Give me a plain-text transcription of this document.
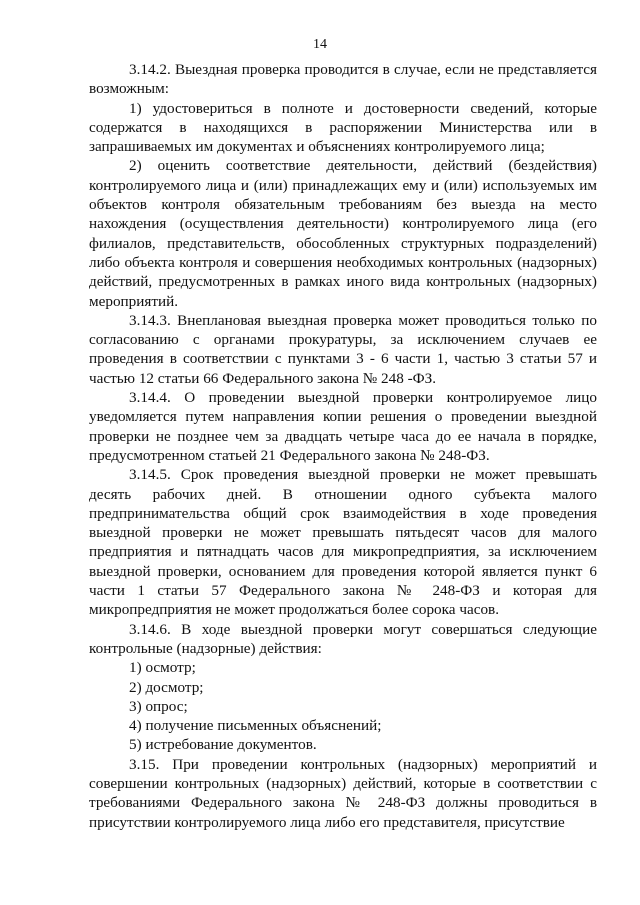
14

3.14.2. Выездная проверка проводится в случае, если не представляется возможным:

1) удостовериться в полноте и достоверности сведений, которые содержатся в находящихся в распоряжении Министерства или в запрашиваемых им документах и объяснениях контролируемого лица;

2) оценить соответствие деятельности, действий (бездействия) контролируемого лица и (или) принадлежащих ему и (или) используемых им объектов контроля обязательным требованиям без выезда на место нахождения (осуществления деятельности) контролируемого лица (его филиалов, представительств, обособленных структурных подразделений) либо объекта контроля и совершения необходимых контрольных (надзорных) действий, предусмотренных в рамках иного вида контрольных (надзорных) мероприятий.

3.14.3. Внеплановая выездная проверка может проводиться только по согласованию с органами прокуратуры, за исключением случаев ее проведения в соответствии с пунктами 3 - 6 части 1, частью 3 статьи 57 и частью 12 статьи 66 Федерального закона № 248 -ФЗ.

3.14.4. О проведении выездной проверки контролируемое лицо уведомляется путем направления копии решения о проведении выездной проверки не позднее чем за двадцать четыре часа до ее начала в порядке, предусмотренном статьей 21 Федерального закона № 248-ФЗ.

3.14.5. Срок проведения выездной проверки не может превышать десять рабочих дней. В отношении одного субъекта малого предпринимательства общий срок взаимодействия в ходе проведения выездной проверки не может превышать пятьдесят часов для малого предприятия и пятнадцать часов для микропредприятия, за исключением выездной проверки, основанием для проведения которой является пункт 6 части 1 статьи 57 Федерального закона № 248-ФЗ и которая для микропредприятия не может продолжаться более сорока часов.

3.14.6. В ходе выездной проверки могут совершаться следующие контрольные (надзорные) действия:

1) осмотр;

2) досмотр;

3) опрос;

4) получение письменных объяснений;

5) истребование документов.

3.15. При проведении контрольных (надзорных) мероприятий и совершении контрольных (надзорных) действий, которые в соответствии с требованиями Федерального закона № 248-ФЗ должны проводиться в присутствии контролируемого лица либо его представителя, присутствие
